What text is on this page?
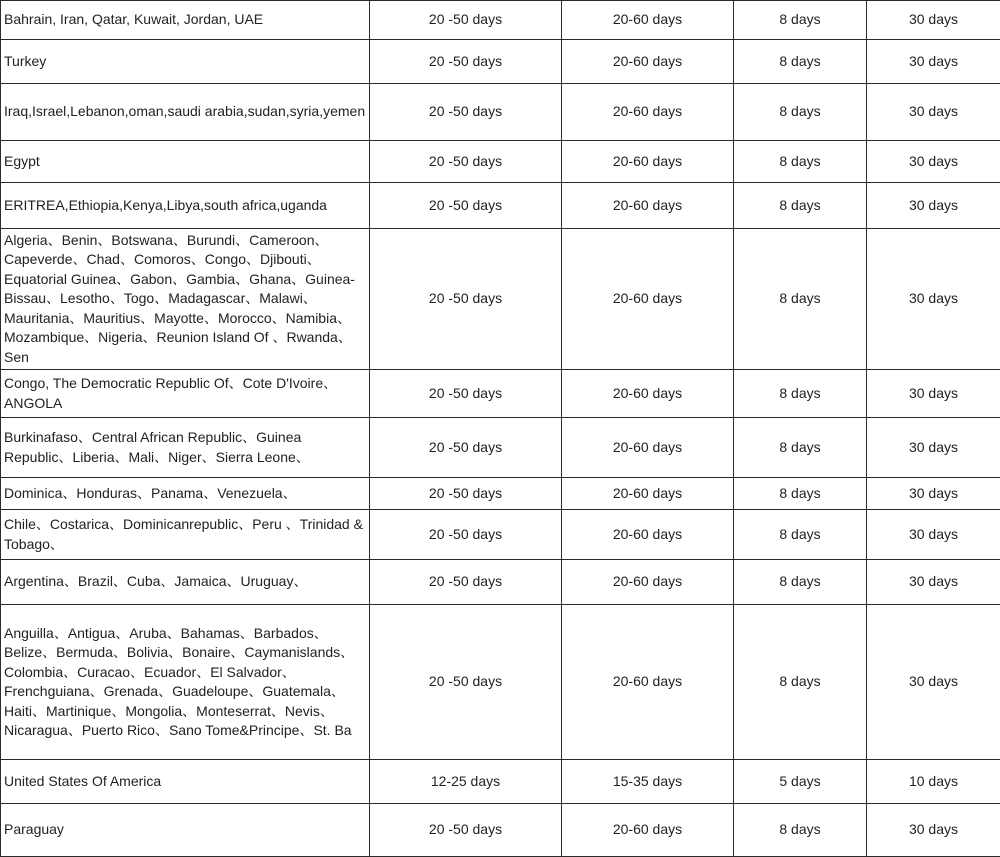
Bahrain, Iran, Qatar, Kuwait, Jordan, UAE	20 -50 days	20-60 days	8 days	30 days
Turkey	20 -50 days	20-60 days	8 days	30 days
Iraq,Israel,Lebanon,oman,saudi arabia,sudan,syria,yemen	20 -50 days	20-60 days	8 days	30 days
Egypt	20 -50 days	20-60 days	8 days	30 days
ERITREA,Ethiopia,Kenya,Libya,south africa,uganda	20 -50 days	20-60 days	8 days	30 days
Algeria、Benin、Botswana、Burundi、Cameroon、Capeverde、Chad、Comoros、Congo、Djibouti、Equatorial Guinea、Gabon、Gambia、Ghana、Guinea-Bissau、Lesotho、Togo、Madagascar、Malawi、Mauritania、Mauritius、Mayotte、Morocco、Namibia、Mozambique、Nigeria、Reunion Island Of 、Rwanda、Sen	20 -50 days	20-60 days	8 days	30 days
Congo, The Democratic Republic Of、Cote D'Ivoire、ANGOLA	20 -50 days	20-60 days	8 days	30 days
Burkinafaso、Central African Republic、Guinea Republic、Liberia、Mali、Niger、Sierra Leone、	20 -50 days	20-60 days	8 days	30 days
Dominica、Honduras、Panama、Venezuela、	20 -50 days	20-60 days	8 days	30 days
Chile、Costarica、Dominicanrepublic、Peru 、Trinidad & Tobago、	20 -50 days	20-60 days	8 days	30 days
Argentina、Brazil、Cuba、Jamaica、Uruguay、	20 -50 days	20-60 days	8 days	30 days
Anguilla、Antigua、Aruba、Bahamas、Barbados、Belize、Bermuda、Bolivia、Bonaire、Caymanislands、Colombia、Curacao、Ecuador、El Salvador、Frenchguiana、Grenada、Guadeloupe、Guatemala、Haiti、Martinique、Mongolia、Monteserrat、Nevis、Nicaragua、Puerto Rico、Sano Tome&Principe、St. Ba	20 -50 days	20-60 days	8 days	30 days
United States Of America	12-25 days	15-35 days	5 days	10 days
Paraguay	20 -50 days	20-60 days	8 days	30 days
